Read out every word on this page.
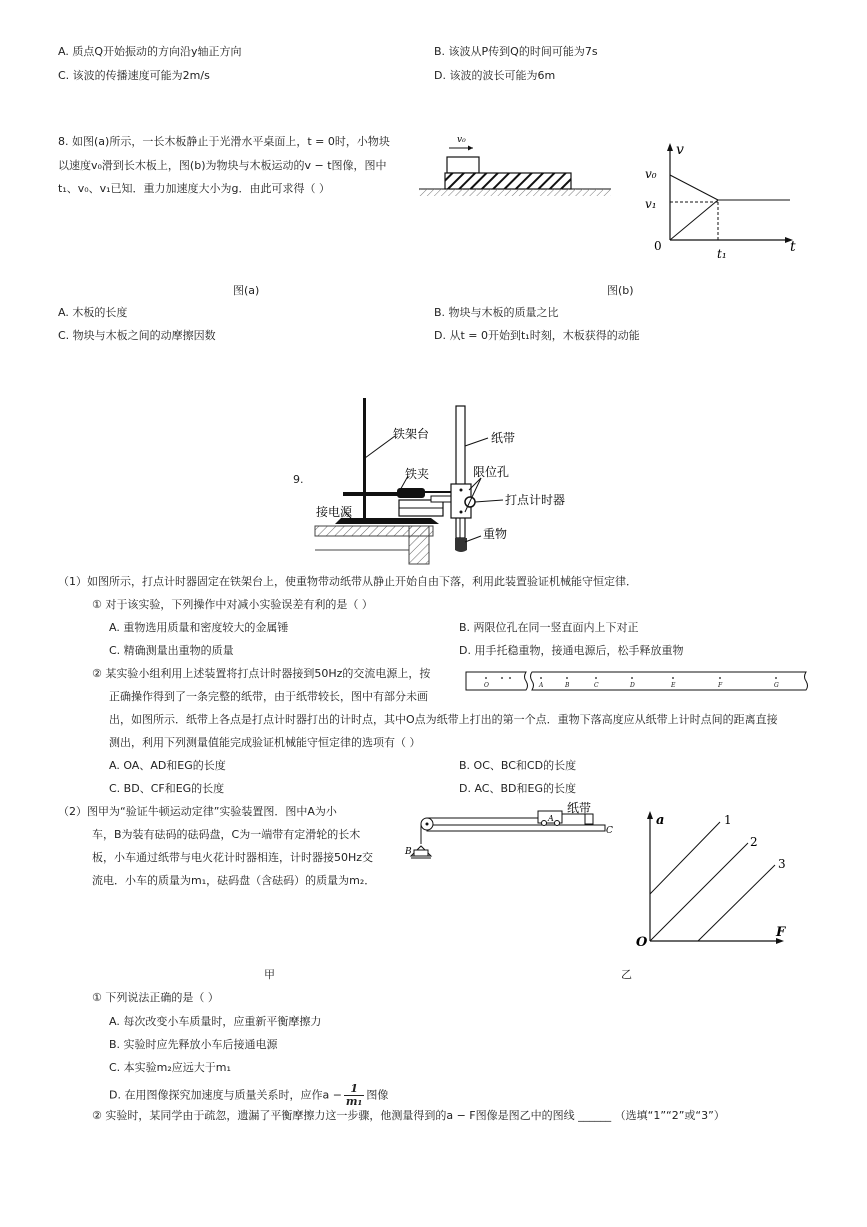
A. 质点Q开始振动的方向沿y轴正方向	B. 该波从P传到Q的时间可能为7s
C. 该波的传播速度可能为2m/s	D. 该波的波长可能为6m
8. 如图(a)所示，一长木板静止于光滑水平桌面上，t = 0时，小物块
以速度v₀滑到长木板上，图(b)为物块与木板运动的v − t图像，图中
t₁、v₀、v₁已知．重力加速度大小为g．由此可求得（ ）
v₀
v
t
v₀
v₁
0
t₁
图(a)	图(b)
A. 木板的长度	B. 物块与木板的质量之比
C. 物块与木板之间的动摩擦因数	D. 从t = 0开始到t₁时刻，木板获得的动能
9.
铁架台	纸带
铁夹	限位孔
打点计时器
接电源
重物
（1）如图所示，打点计时器固定在铁架台上，使重物带动纸带从静止开始自由下落，利用此装置验证机械能守恒定律．
① 对于该实验，下列操作中对减小实验误差有利的是（ ）
A. 重物选用质量和密度较大的金属锤	B. 两限位孔在同一竖直面内上下对正
C. 精确测量出重物的质量	D. 用手托稳重物，接通电源后，松手释放重物
② 某实验小组利用上述装置将打点计时器接到50Hz的交流电源上，按
正确操作得到了一条完整的纸带，由于纸带较长，图中有部分未画
出，如图所示．纸带上各点是打点计时器打出的计时点，其中O点为纸带上打出的第一个点．重物下落高度应从纸带上计时点间的距离直接
测出，利用下列测量值能完成验证机械能守恒定律的选项有（ ）
O	A	B	C	D	E	F	G
A. OA、AD和EG的长度	B. OC、BC和CD的长度
C. BD、CF和EG的长度	D. AC、BD和EG的长度
（2）图甲为“验证牛顿运动定律”实验装置图．图中A为小
车，B为装有砝码的砝码盘，C为一端带有定滑轮的长木
板，小车通过纸带与电火花计时器相连，计时器接50Hz交
流电．小车的质量为m₁，砝码盘（含砝码）的质量为m₂．
纸带
A
B
C
a
F
O
1
2
3
甲	乙
① 下列说法正确的是（ ）
A. 每次改变小车质量时，应重新平衡摩擦力
B. 实验时应先释放小车后接通电源
C. 本实验m₂应远大于m₁
D. 在用图像探究加速度与质量关系时，应作$a - \frac{1}{\text{m₁}}$ 图像
② 实验时，某同学由于疏忽，遗漏了平衡摩擦力这一步骤，他测量得到的a − F图像是图乙中的图线 ______ （选填“1”“2”或“3”）
